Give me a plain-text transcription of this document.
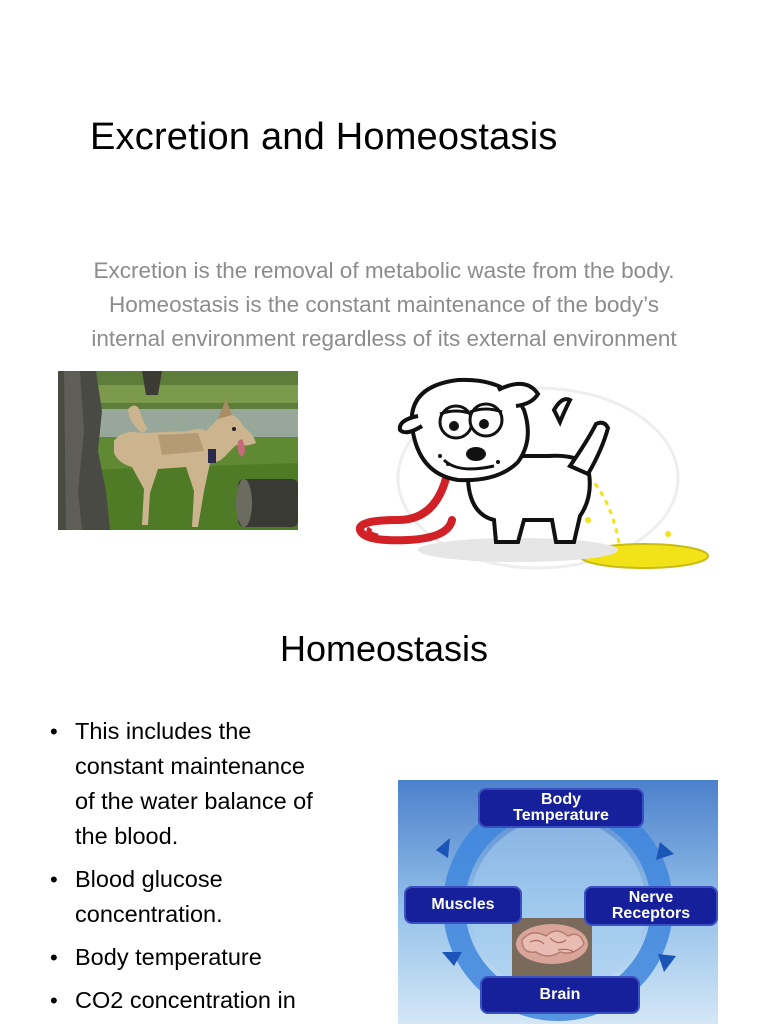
Excretion and Homeostasis
Excretion is the removal of metabolic waste from the body.
Homeostasis is the constant maintenance of the body’s
internal environment regardless of its external environment
Homeostasis
• This includes the
constant maintenance
of the water balance of
the blood.
• Blood glucose
concentration.
• Body temperature
• CO2 concentration in
Body
Temperature
Muscles	Nerve
Receptors
Brain
